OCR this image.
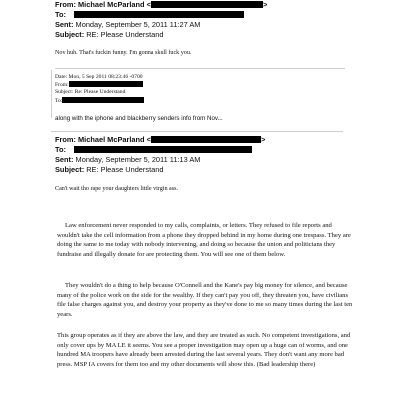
From: Michael McParland <	>
To:
Sent: Monday, September 5, 2011 11:27 AM
Subject: RE: Please Understand
Nov huh. That's fuckin funny. I'm gonna skull fuck you.
Date: Mon, 5 Sep 2011 08:23:46 -0700
From:
Subject: Re: Please Understand
To:
along with the iphone and blackberry senders info from Nov...
From: Michael McParland <	>
To:
Sent: Monday, September 5, 2011 11:13 AM
Subject: RE: Please Understand
Can't wait tho rape your daughters little virgin ass.

Law enforcement never responded to my calls, complaints, or letters. They refused to file reports and wouldn't take the cell information from a phone they dropped behind in my home during one trespass. They are doing the same to me today with nobody intervening, and doing so because the union and politicians they fundraise and illegally donate for are protecting them. You will see one of them below.

They wouldn't do a thing to help because O'Connell and the Kane's pay big money for silence, and because many of the police work on the side for the wealthy. If they can't pay you off, they threaten you, have civilians file false charges against you, and destroy your property as they've done to me so many times during the last ten years.

This group operates as if they are above the law, and they are treated as such. No competent investigations, and only cover ups by MA LE it seems. You see a proper investigation may open up a huge can of worms, and one hundred MA troopers have already been arrested during the last several years. They don't want any more bad press. MSP IA covers for them too and my other documents will show this. (Bad leadership there)
